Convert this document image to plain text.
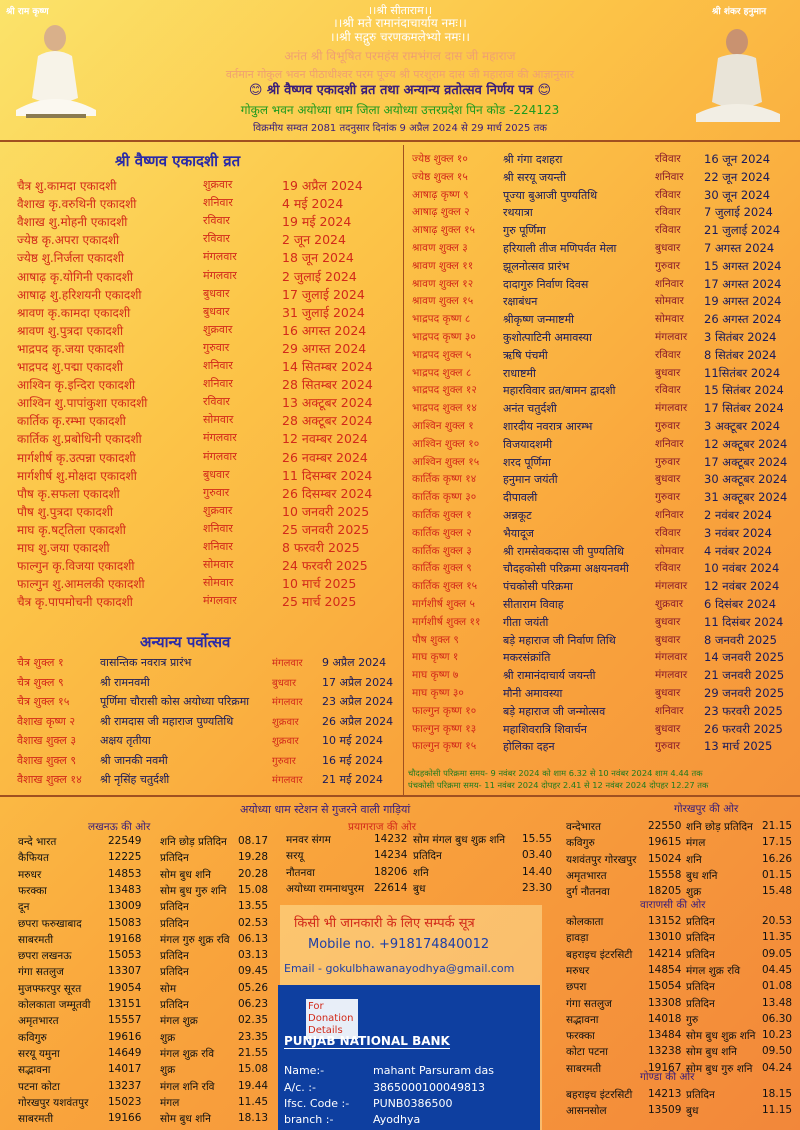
श्री राम कृष्ण	श्री शंकर हनुमान
।।श्री सीताराम।।
।।श्री मते रामानंदाचार्याय नमः।।
।।श्री सद्गुरु चरणकमलेभ्यो नमः।।
अनंत श्री विभूषित परमहंस रामभंगल दास जी महाराज
वर्तमान गोकुल भवन पीठाधीश्वर परम पूज्य श्री परशुराम दास जी महाराज की आज्ञानुसार
😊 श्री वैष्णव एकादशी व्रत तथा अन्यान्य व्रतोत्सव निर्णय पत्र 😊
गोकुल भवन अयोध्या धाम जिला अयोध्या उत्तरप्रदेश पिन कोड -224123
विक्रमीय सम्वत 2081 तदनुसार दिनांक 9 अप्रैल 2024 से 29 मार्च 2025 तक
श्री वैष्णव एकादशी व्रत
चैत्र शु.कामदा एकादशी	शुक्रवार	19 अप्रैल 2024
वैशाख कृ.वरुथिनी एकादशी	शनिवार	4 मई 2024
वैशाख शु.मोहनी एकादशी	रविवार	19 मई 2024
ज्येष्ठ कृ.अपरा एकादशी	रविवार	2 जून 2024
ज्येष्ठ शु.निर्जला एकादशी	मंगलवार	18 जून 2024
आषाढ़ कृ.योगिनी एकादशी	मंगलवार	2 जुलाई 2024
आषाढ़ शु.हरिशयनी एकादशी	बुधवार	17 जुलाई 2024
श्रावण कृ.कामदा एकादशी	बुधवार	31 जुलाई 2024
श्रावण शु.पुत्रदा एकादशी	शुक्रवार	16 अगस्त 2024
भाद्रपद कृ.जया एकादशी	गुरुवार	29 अगस्त 2024
भाद्रपद शु.पद्मा एकादशी	शनिवार	14 सितम्बर 2024
आश्विन कृ.इन्दिरा एकादशी	शनिवार	28 सितम्बर 2024
आश्विन शु.पापांकुशा एकादशी	रविवार	13 अक्टूबर 2024
कार्तिक कृ.रम्भा एकादशी	सोमवार	28 अक्टूबर 2024
कार्तिक शु.प्रबोधिनी एकादशी	मंगलवार	12 नवम्बर 2024
मार्गशीर्ष कृ.उत्पन्ना एकादशी	मंगलवार	26 नवम्बर 2024
मार्गशीर्ष शु.मोक्षदा एकादशी	बुधवार	11 दिसम्बर 2024
पौष कृ.सफला एकादशी	गुरुवार	26 दिसम्बर 2024
पौष शु.पुत्रदा एकादशी	शुक्रवार	10 जनवरी 2025
माघ कृ.षट्तिला एकादशी	शनिवार	25 जनवरी 2025
माघ शु.जया एकादशी	शनिवार	8 फरवरी 2025
फाल्गुन कृ.विजया एकादशी	सोमवार	24 फरवरी 2025
फाल्गुन शु.आमलकी एकादशी	सोमवार	10 मार्च 2025
चैत्र कृ.पापमोचनी एकादशी	मंगलवार	25 मार्च 2025
अन्यान्य पर्वोत्सव
चैत्र शुक्ल १	वासन्तिक नवरात्र प्रारंभ	मंगलवार 9 अप्रैल 2024
चैत्र शुक्ल ९	श्री रामनवमी	बुधवार 17 अप्रैल 2024
चैत्र शुक्ल १५	पूर्णिमा चौरासी कोस अयोध्या परिक्रमा मंगलवार 23 अप्रैल 2024
वैशाख कृष्ण २ श्री रामदास जी महाराज पुण्यतिथि	शुक्रवार 26 अप्रैल 2024
वैशाख शुक्ल ३ अक्षय तृतीया	शुक्रवार 10 मई 2024
वैशाख शुक्ल ९ श्री जानकी नवमी	गुरुवार 16 मई 2024
वैशाख शुक्ल १४ श्री नृसिंह चतुर्दशी	मंगलवार 21 मई 2024
ज्येष्ठ शुक्ल १०	श्री गंगा दशहरा	रविवार 16 जून 2024
ज्येष्ठ शुक्ल १५	श्री सरयू जयन्ती	शनिवार 22 जून 2024
आषाढ़ कृष्ण ९	पूज्या बुआजी पुण्यतिथि	रविवार 30 जून 2024
आषाढ़ शुक्ल २	रथयात्रा	रविवार 7 जुलाई 2024
आषाढ़ शुक्ल १५	गुरु पूर्णिमा	रविवार 21 जुलाई 2024
श्रावण शुक्ल ३	हरियाली तीज मणिपर्वत मेला	बुधवार 7 अगस्त 2024
श्रावण शुक्ल ११	झूलनोत्सव प्रारंभ	गुरुवार 15 अगस्त 2024
श्रावण शुक्ल १२	दादागुरु निर्वाण दिवस	शनिवार 17 अगस्त 2024
श्रावण शुक्ल १५	रक्षाबंधन	सोमवार 19 अगस्त 2024
भाद्रपद कृष्ण ८	श्रीकृष्ण जन्माष्टमी	सोमवार 26 अगस्त 2024
भाद्रपद कृष्ण ३० कुशोत्पाटिनी अमावस्या	मंगलवार 3 सितंबर 2024
भाद्रपद शुक्ल ५	ऋषि पंचमी	रविवार 8 सितंबर 2024
भाद्रपद शुक्ल ८	राधाष्टमी	बुधवार 11सितंबर 2024
भाद्रपद शुक्ल १२ महारविवार व्रत/बामन द्वादशी	रविवार 15 सितंबर 2024
भाद्रपद शुक्ल १४ अनंत चतुर्दशी	मंगलवार 17 सितंबर 2024
आश्विन शुक्ल १	शारदीय नवरात्र आरम्भ	गुरुवार 3 अक्टूबर 2024
आश्विन शुक्ल १० विजयादशमी	शनिवार 12 अक्टूबर 2024
आश्विन शुक्ल १५ शरद पूर्णिमा	गुरुवार 17 अक्टूबर 2024
कार्तिक कृष्ण १४ हनुमान जयंती	बुधवार 30 अक्टूबर 2024
कार्तिक कृष्ण ३० दीपावली	गुरुवार 31 अक्टूबर 2024
कार्तिक शुक्ल १	अन्नकूट	शनिवार 2 नवंबर 2024
कार्तिक शुक्ल २	भैयादूज	रविवार 3 नवंबर 2024
कार्तिक शुक्ल ३	श्री रामसेवकदास जी पुण्यतिथि	सोमवार 4 नवंबर 2024
कार्तिक शुक्ल ९	चौदहकोसी परिक्रमा अक्षयनवमी रविवार 10 नवंबर 2024
कार्तिक शुक्ल १५ पंचकोसी परिक्रमा	मंगलवार 12 नवंबर 2024
मार्गशीर्ष शुक्ल ५	सीताराम विवाह	शुक्रवार 6 दिसंबर 2024
मार्गशीर्ष शुक्ल ११ गीता जयंती	बुधवार 11 दिसंबर 2024
पौष शुक्ल ९	बड़े महाराज जी निर्वाण तिथि	बुधवार 8 जनवरी 2025
माघ कृष्ण १	मकरसंक्रांति	मंगलवार 14 जनवरी 2025
माघ कृष्ण ७	श्री रामानंदाचार्य जयन्ती	मंगलवार 21 जनवरी 2025
माघ कृष्ण ३०	मौनी अमावस्या	बुधवार 29 जनवरी 2025
फाल्गुन कृष्ण १० बड़े महाराज जी जन्मोत्सव	शनिवार 23 फरवरी 2025
फाल्गुन कृष्ण १३ महाशिवरात्रि शिवार्चन	बुधवार 26 फरवरी 2025
फाल्गुन कृष्ण १५ होलिका दहन	गुरुवार 13 मार्च 2025
चौदहकोसी परिक्रमा समय- 9 नवंबर 2024 को शाम 6.32 से 10 नवंबर 2024 शाम 4.44 तक
पंचकोसी परिक्रमा समय- 11 नवंबर 2024 दोपहर 2.41 से 12 नवंबर 2024 दोपहर 12.27 तक
अयोध्या धाम स्टेशन से गुजरने वाली गाड़ियां
लखनऊ की ओर	प्रयागराज की ओर
गोरखपुर की ओर
वन्दे भारत	22549 शनि छोड़ प्रतिदिन 08.17
कैफियत	12225 प्रतिदिन	19.28
मरुधर	14853 सोम बुध शनि	20.28
फरक्का	13483 सोम बुध गुरु शनि 15.08
दून	13009 प्रतिदिन	13.55
छपरा फरुखाबाद	15083 प्रतिदिन	02.53
साबरमती	19168 मंगल गुरु शुक्र रवि 06.13
छपरा लखनऊ	15053 प्रतिदिन	03.13
गंगा सतलुज	13307 प्रतिदिन	09.45
मुजफ्फरपुर सूरत	19054 सोम	05.26
कोलकाता जम्मूतवी 13151 प्रतिदिन	06.23
अमृतभारत	15557 मंगल शुक्र	02.35
कविगुरु	19616 शुक्र	23.35
सरयू यमुना	14649 मंगल शुक्र रवि 21.55
सद्भावना	14017 शुक्र	15.08
पटना कोटा	13237 मंगल शनि रवि 19.44
गोरखपुर यशवंतपुर 15023 मंगल	11.45
साबरमती	19166 सोम बुध शनि	18.13
मनवर संगम	14232 सोम मंगल बुध शुक्र शनि 15.55
सरयू	14234 प्रतिदिन	03.40
नौतनवा	18206 शनि	14.40
अयोध्या रामनाथपुरम 22614 बुध	23.30
वन्देभारत	22550 शनि छोड़ प्रतिदिन 21.15
कविगुरु	19615 मंगल	17.15
यशवंतपुर गोरखपुर 15024 शनि	16.26
अमृतभारत	15558 बुध शनि	01.15
दुर्ग नौतनवा	18205 शुक्र	15.48
वाराणसी की ओर
कोलकाता	13152 प्रतिदिन	20.53
हावड़ा	13010 प्रतिदिन	11.35
बहराइच इंटरसिटी 14214 प्रतिदिन	09.05
मरुधर	14854 मंगल शुक्र रवि 04.45
छपरा	15054 प्रतिदिन	01.08
गंगा सतलुज	13308 प्रतिदिन	13.48
सद्भावना	14018 गुरु	06.30
फरक्का	13484 सोम बुध शुक्र शनि 10.23
कोटा पटना	13238 सोम बुध शनि 09.50
साबरमती	19167 सोम बुध गुरु शनि 04.24
गोण्डा की ओर
बहराइच इंटरसिटी 14213 प्रतिदिन	18.15
आसनसोल	13509 बुध	11.15
किसी भी जानकारी के लिए सम्पर्क सूत्र
Mobile no. +918174840012
Email - gokulbhawanayodhya@gmail.com
For Donation Details
PUNJAB NATIONAL BANK
Name:-	mahant Parsuram das
A/c. :-	3865000100049813
Ifsc. Code :- PUNB0386500
branch :-	Ayodhya
